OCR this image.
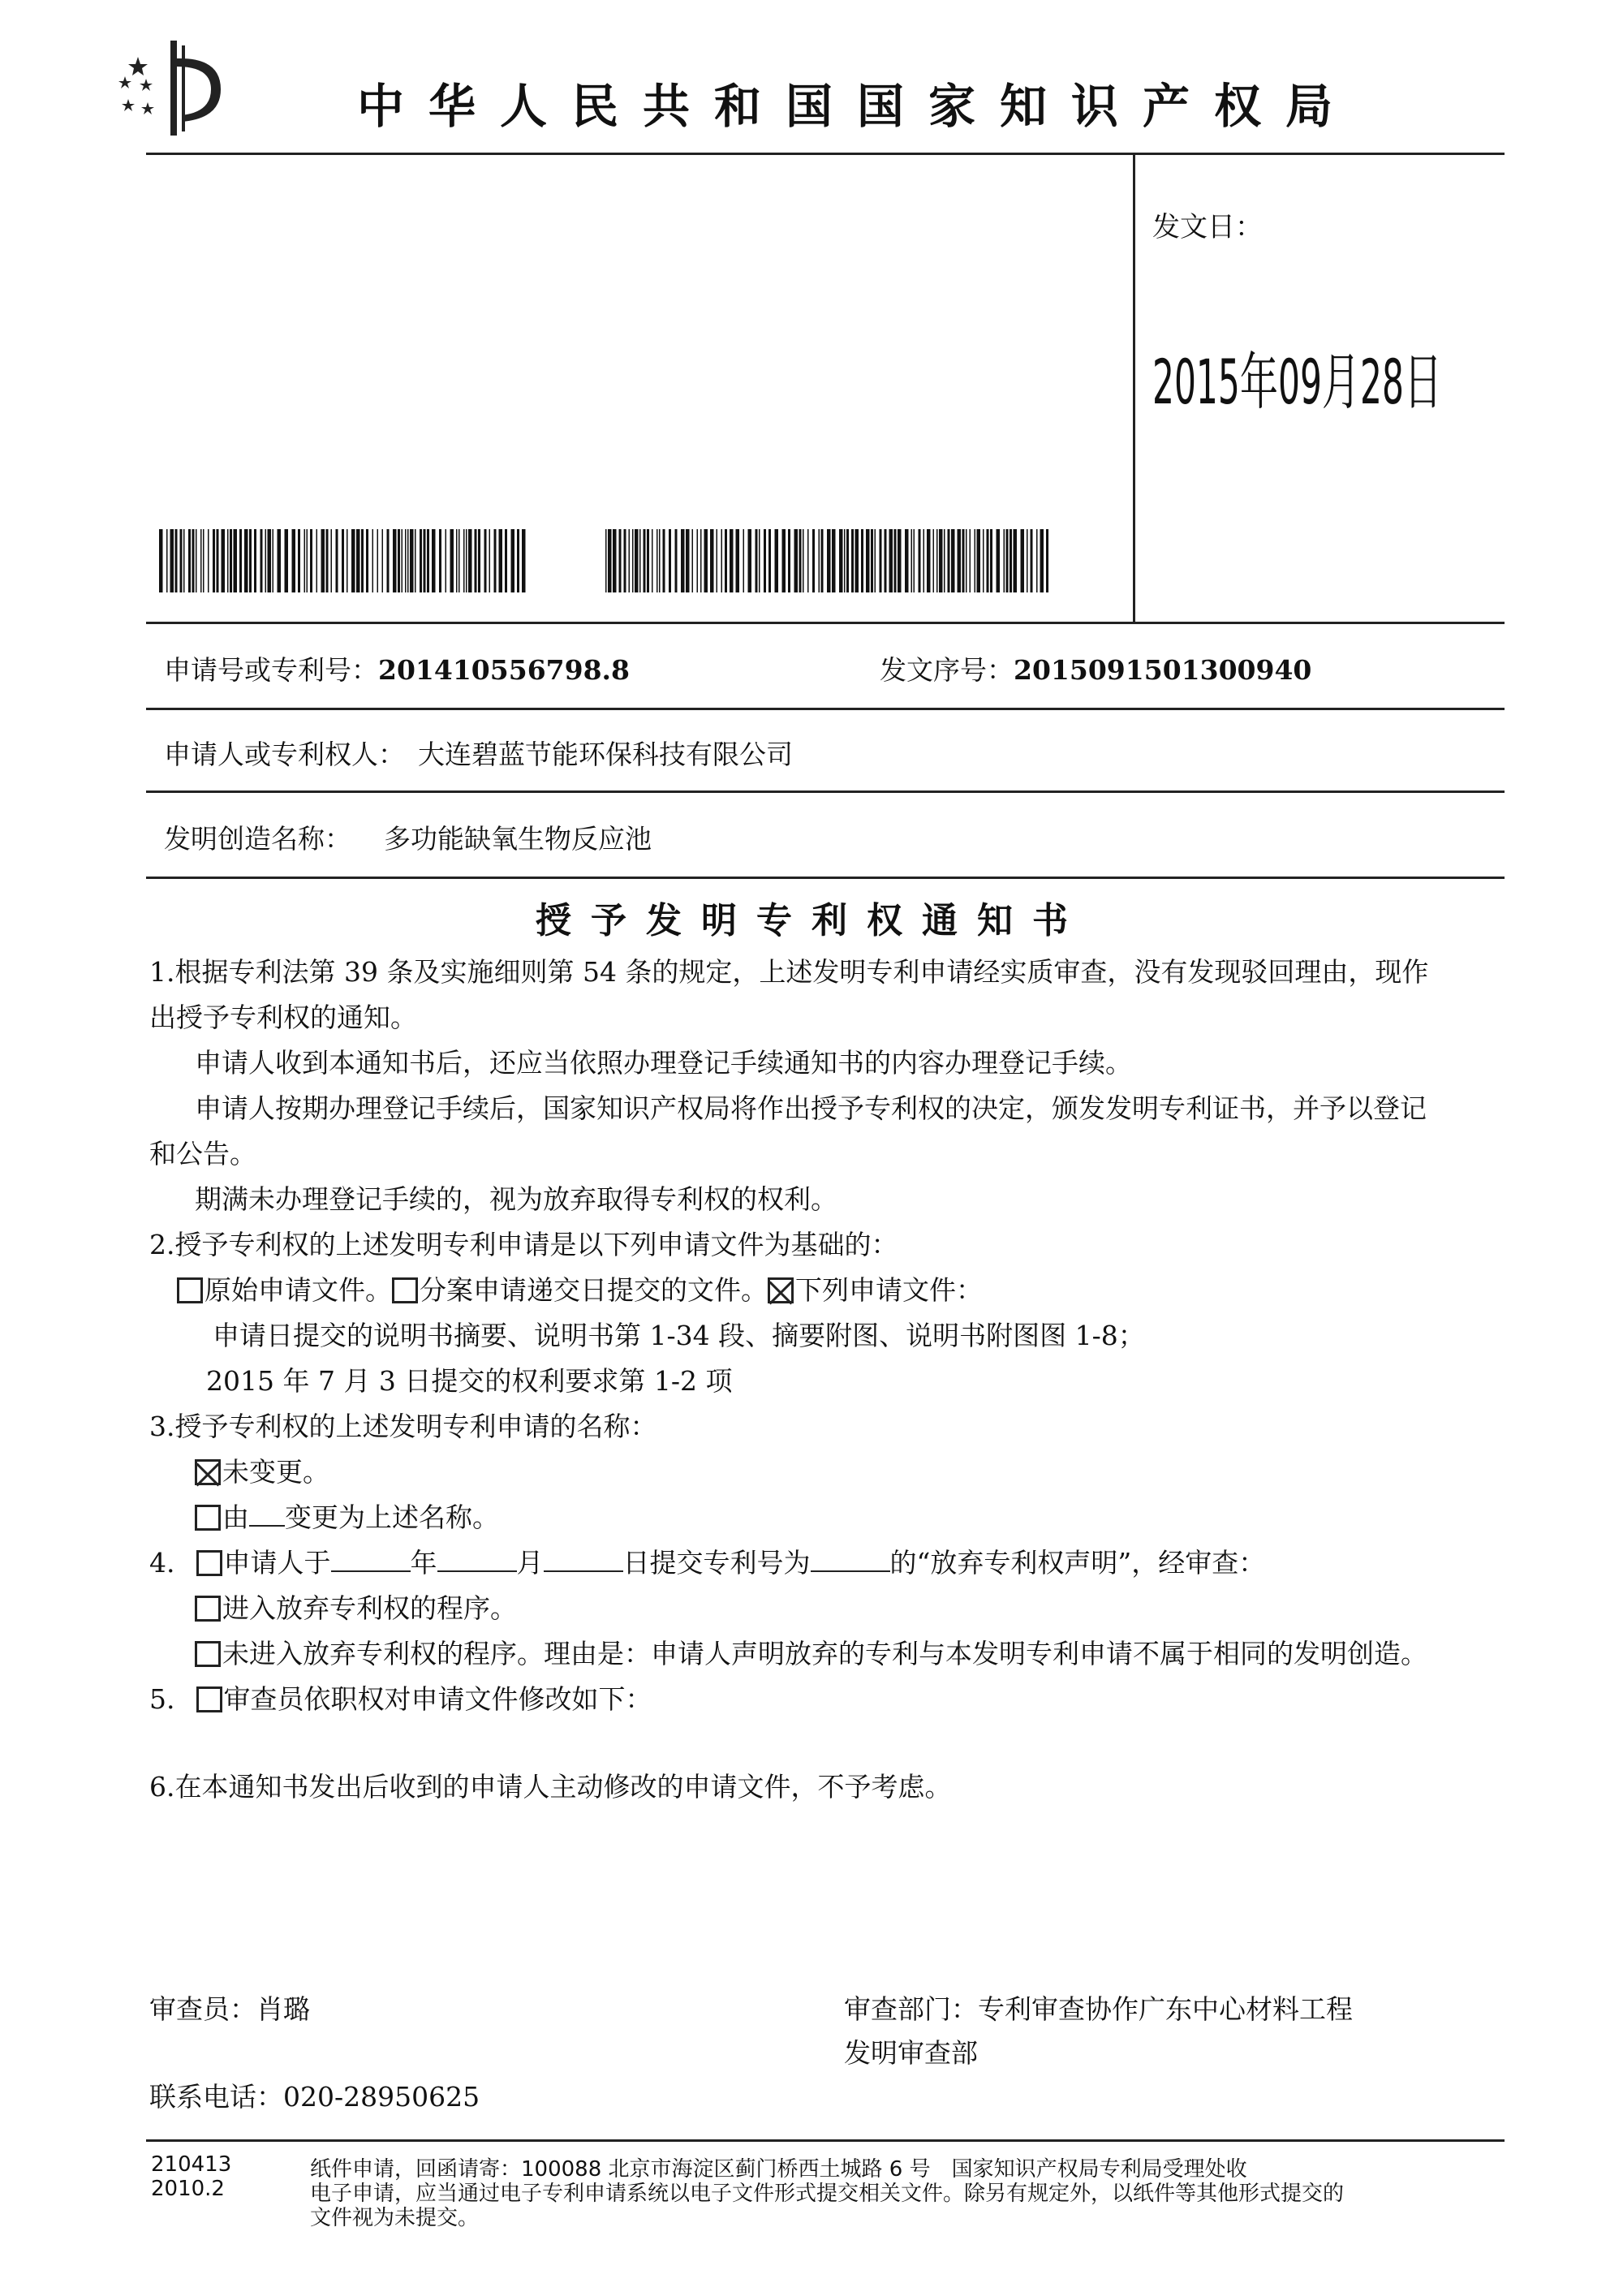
中华人民共和国国家知识产权局
发文日：
2015年09月28日
申请号或专利号：201410556798.8	发文序号：2015091501300940
申请人或专利权人： 大连碧蓝节能环保科技有限公司
发明创造名称： 多功能缺氧生物反应池
授予发明专利权通知书
1.根据专利法第 39 条及实施细则第 54 条的规定，上述发明专利申请经实质审查，没有发现驳回理由，现作
出授予专利权的通知。
申请人收到本通知书后，还应当依照办理登记手续通知书的内容办理登记手续。
申请人按期办理登记手续后，国家知识产权局将作出授予专利权的决定，颁发发明专利证书，并予以登记
和公告。
期满未办理登记手续的，视为放弃取得专利权的权利。
2.授予专利权的上述发明专利申请是以下列申请文件为基础的：
原始申请文件。 分案申请递交日提交的文件。 下列申请文件：
申请日提交的说明书摘要、说明书第 1-34 段、摘要附图、说明书附图图 1-8；
2015 年 7 月 3 日提交的权利要求第 1-2 项
3.授予专利权的上述发明专利申请的名称：
未变更。
由 变更为上述名称。
4. 申请人于	年	月	日提交专利号为	的“放弃专利权声明”，经审查：
进入放弃专利权的程序。
未进入放弃专利权的程序。理由是：申请人声明放弃的专利与本发明专利申请不属于相同的发明创造。
5. 审查员依职权对申请文件修改如下：
6.在本通知书发出后收到的申请人主动修改的申请文件，不予考虑。
审查员：肖璐	审查部门：专利审查协作广东中心材料工程
发明审查部
联系电话：020-28950625
210413
2010.2
纸件申请，回函请寄：100088 北京市海淀区蓟门桥西土城路 6 号　国家知识产权局专利局受理处收
电子申请，应当通过电子专利申请系统以电子文件形式提交相关文件。除另有规定外，以纸件等其他形式提交的
文件视为未提交。
